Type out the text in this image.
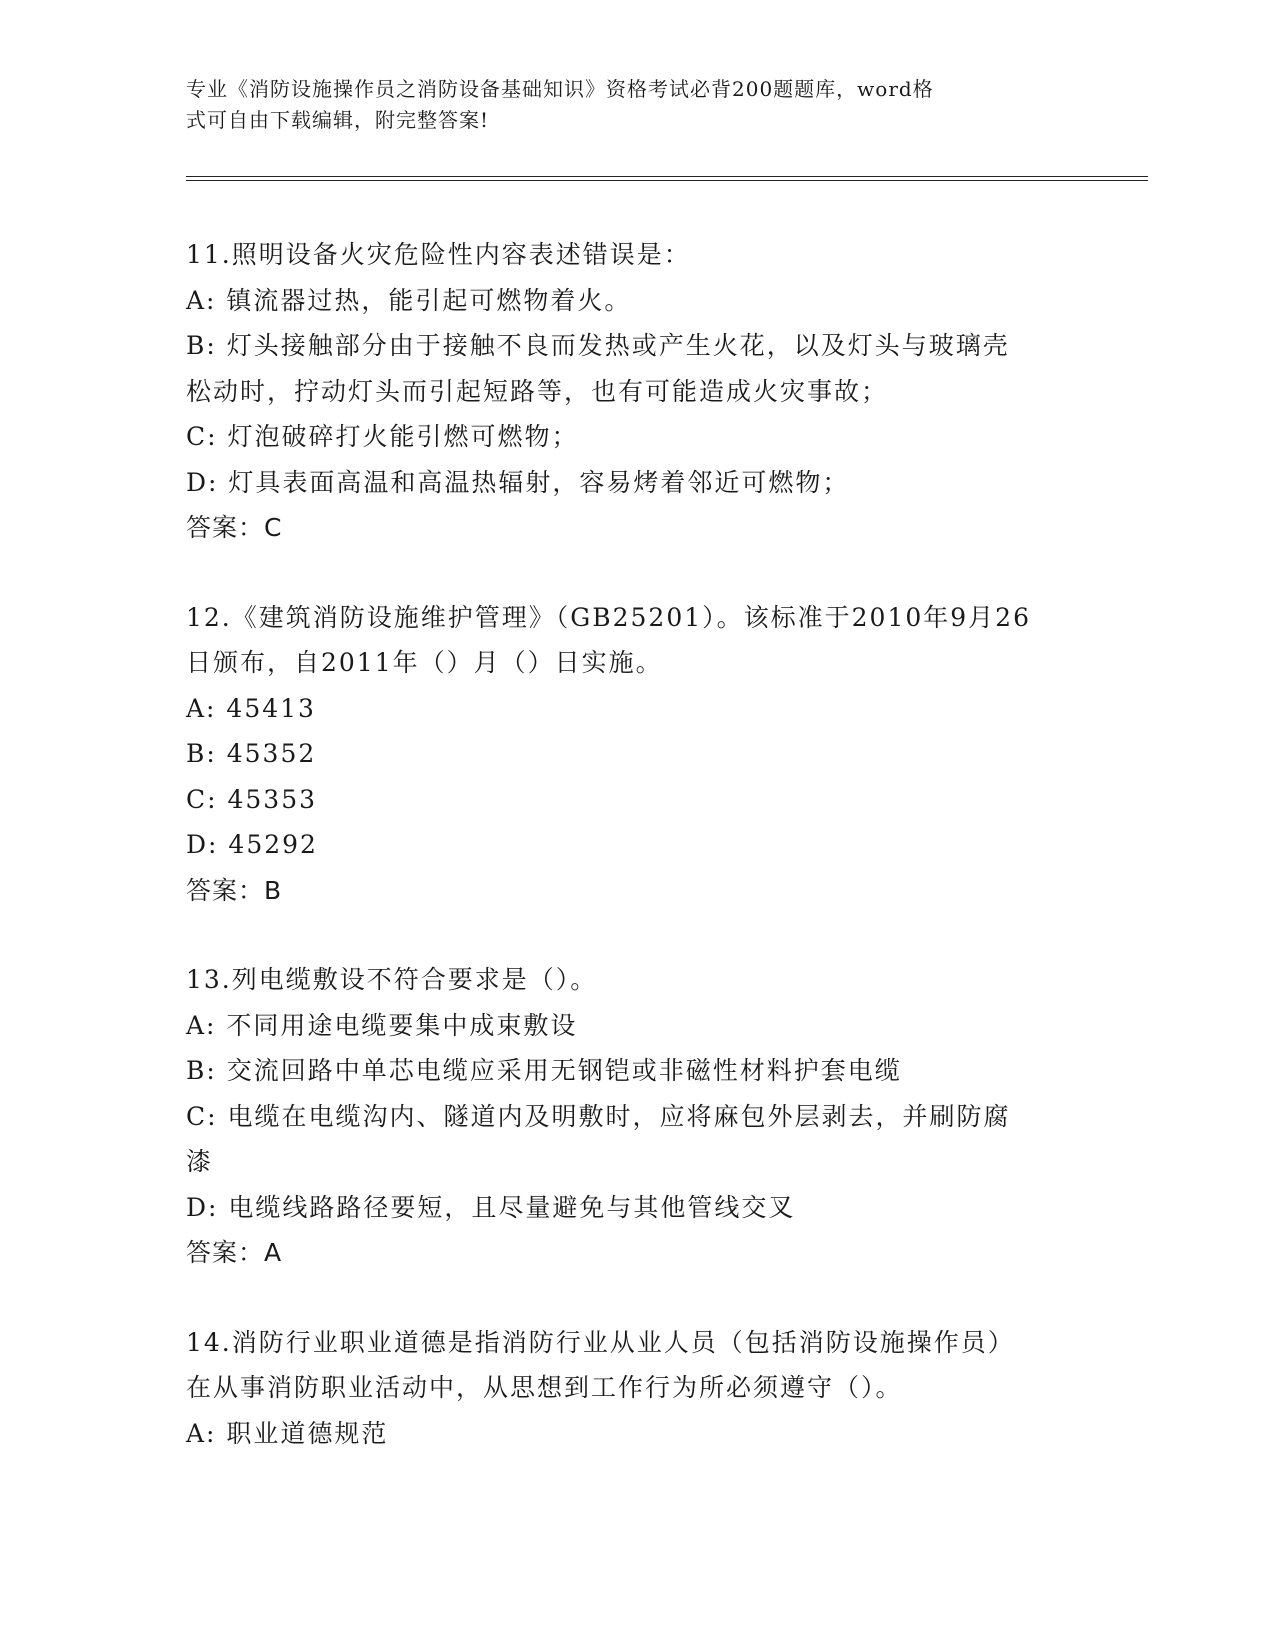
专业《消防设施操作员之消防设备基础知识》资格考试必背200题题库，word格
式可自由下载编辑，附完整答案!
11.照明设备火灾危险性内容表述错误是：
A: 镇流器过热，能引起可燃物着火。
B: 灯头接触部分由于接触不良而发热或产生火花，以及灯头与玻璃壳
松动时，拧动灯头而引起短路等，也有可能造成火灾事故；
C: 灯泡破碎打火能引燃可燃物；
D: 灯具表面高温和高温热辐射，容易烤着邻近可燃物；
答案：C
12.《建筑消防设施维护管理》（GB25201）。该标准于2010年9月26
日颁布，自2011年（）月（）日实施。
A: 45413
B: 45352
C: 45353
D: 45292
答案：B
13.列电缆敷设不符合要求是（）。
A: 不同用途电缆要集中成束敷设
B: 交流回路中单芯电缆应采用无钢铠或非磁性材料护套电缆
C: 电缆在电缆沟内、隧道内及明敷时，应将麻包外层剥去，并刷防腐
漆
D: 电缆线路路径要短，且尽量避免与其他管线交叉
答案：A
14.消防行业职业道德是指消防行业从业人员（包括消防设施操作员）
在从事消防职业活动中，从思想到工作行为所必须遵守（）。
A: 职业道德规范
